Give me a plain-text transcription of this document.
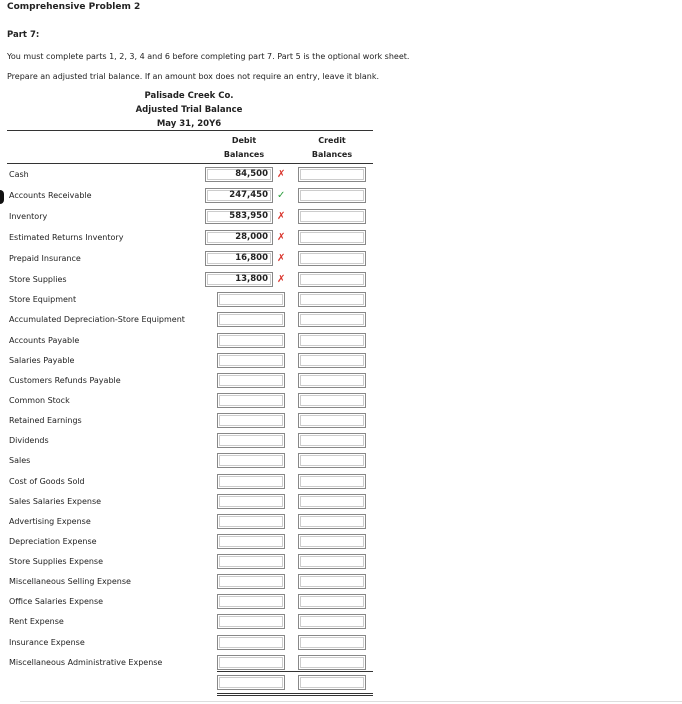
Comprehensive Problem 2
Part 7:
You must complete parts 1, 2, 3, 4 and 6 before completing part 7. Part 5 is the optional work sheet.
Prepare an adjusted trial balance. If an amount box does not require an entry, leave it blank.
Palisade Creek Co.
Adjusted Trial Balance
May 31, 20Y6
Debit
Balances
Credit
Balances
Cash	84,500 ✗
Accounts Receivable	247,450 ✓
Inventory	583,950 ✗
Estimated Returns Inventory	28,000 ✗
Prepaid Insurance	16,800 ✗
Store Supplies	13,800 ✗
Store Equipment
Accumulated Depreciation-Store Equipment
Accounts Payable
Salaries Payable
Customers Refunds Payable
Common Stock
Retained Earnings
Dividends
Sales
Cost of Goods Sold
Sales Salaries Expense
Advertising Expense
Depreciation Expense
Store Supplies Expense
Miscellaneous Selling Expense
Office Salaries Expense
Rent Expense
Insurance Expense
Miscellaneous Administrative Expense
